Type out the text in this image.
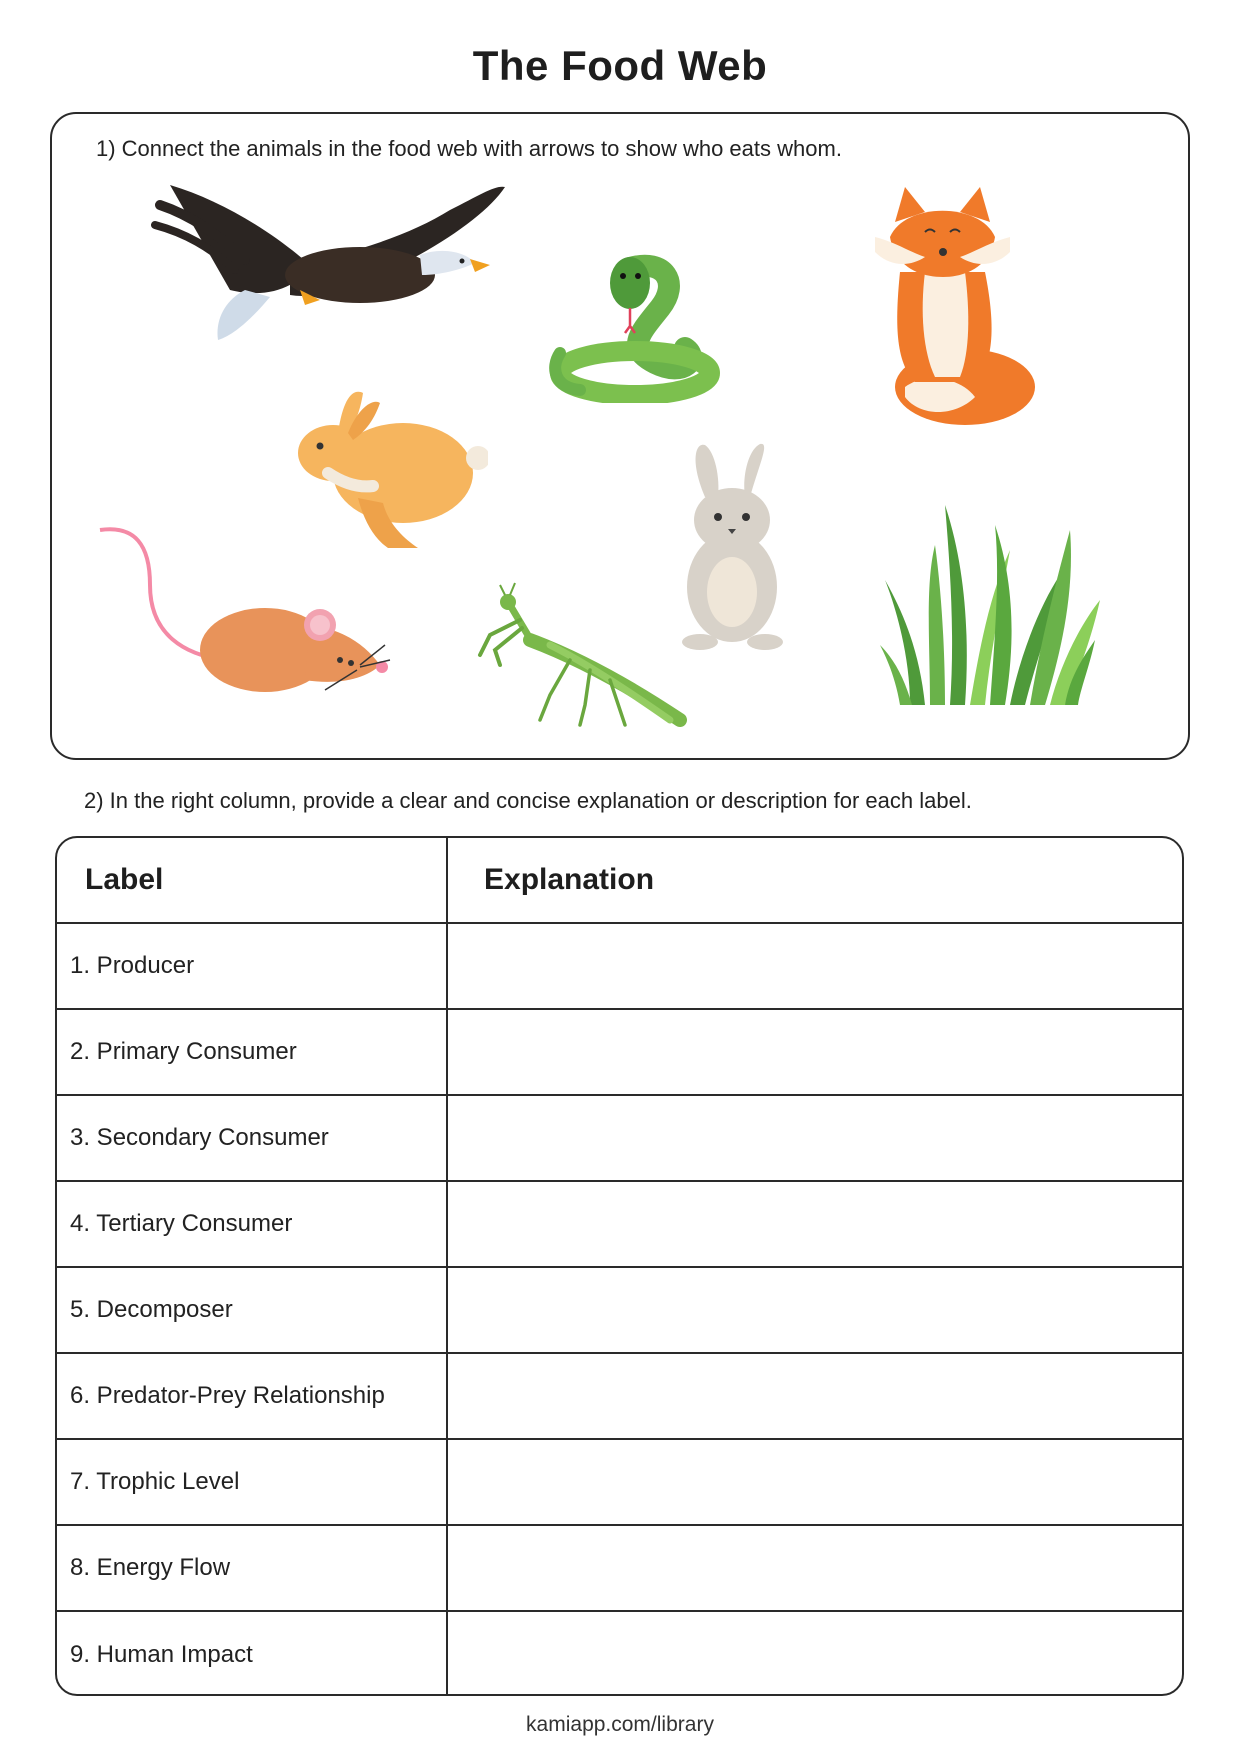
The Food Web
1) Connect the animals in the food web with arrows to show who eats whom.
2) In the right column, provide a clear and concise explanation or description for each label.
Label	Explanation
1. Producer	
2. Primary Consumer	
3. Secondary Consumer	
4. Tertiary Consumer	
5. Decomposer	
6. Predator-Prey Relationship	
7. Trophic Level	
8. Energy Flow	
9. Human Impact	
kamiapp.com/library
